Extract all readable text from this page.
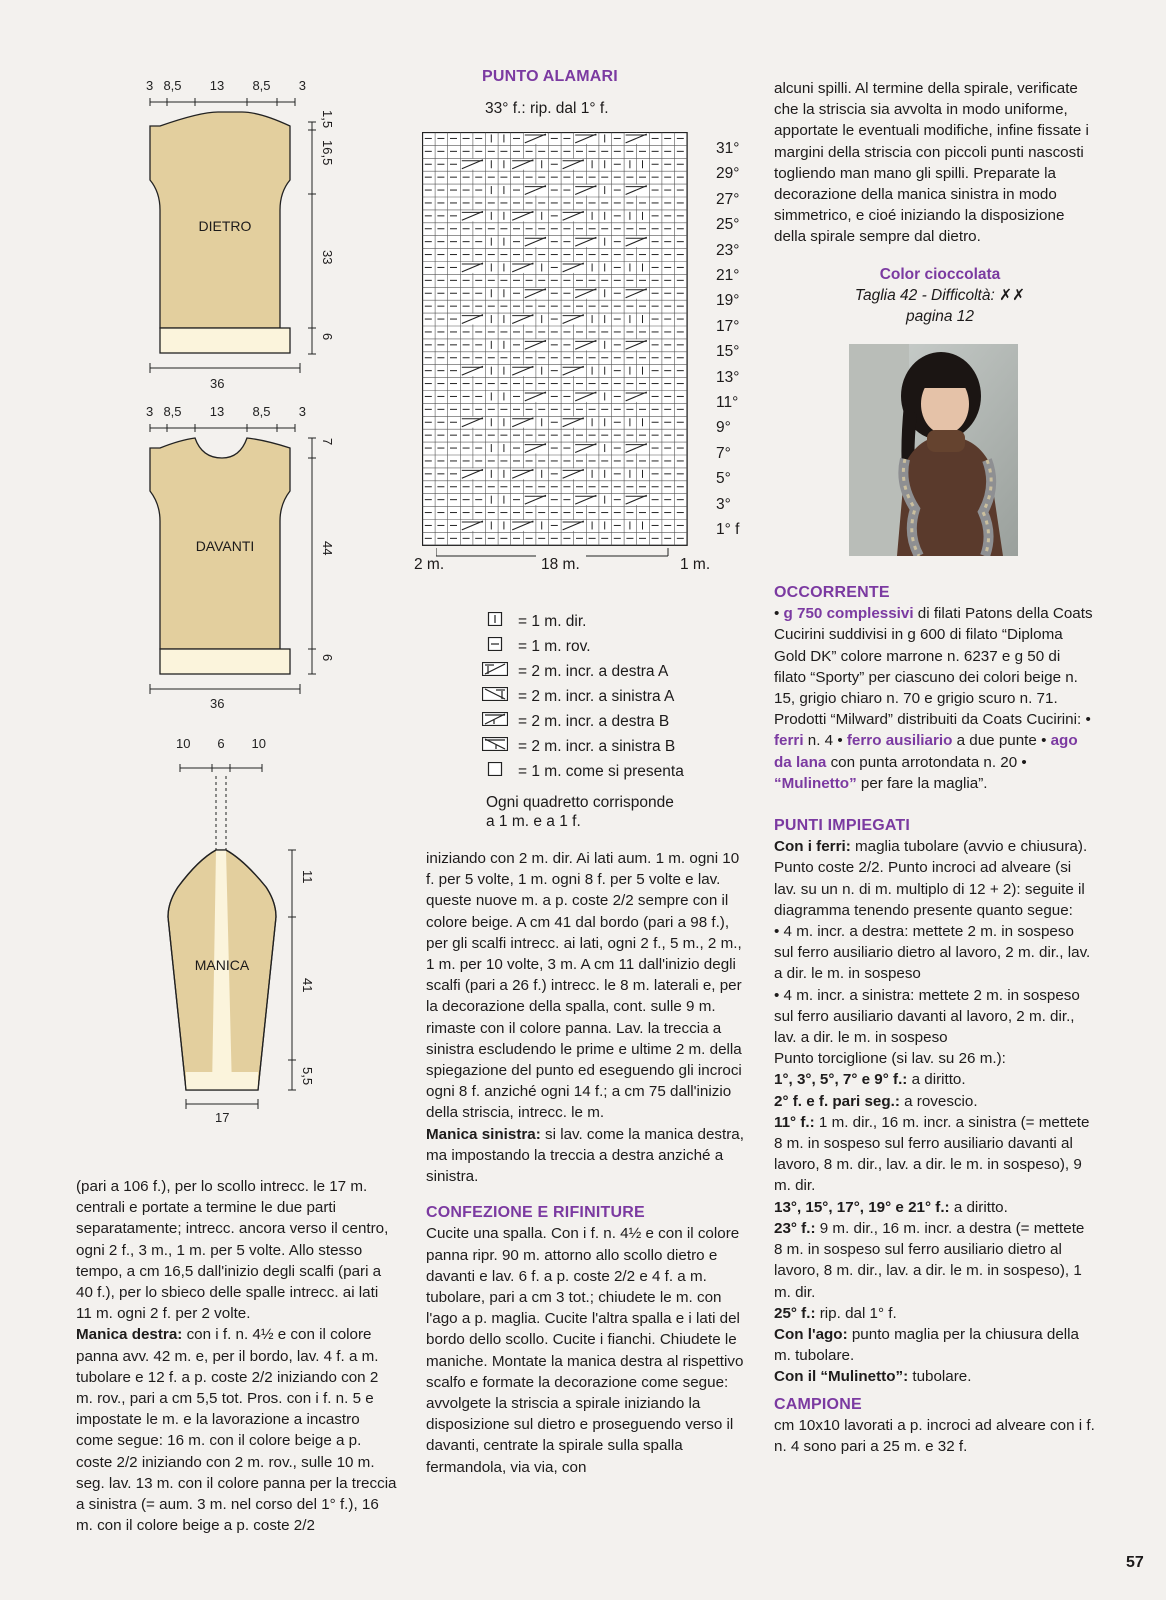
3 8,5 13 8,5 3
DIETRO
1,5
16,5
33
6
36
3 8,5 13 8,5 3
DAVANTI
7
44
6
36
10 6 10
MANICA
11
41
5,5
17
PUNTO ALAMARI
33° f.: rip. dal 1° f.
31°
29°
27°
25°
23°
21°
19°
17°
15°
13°
11°
9°
7°
5°
3°
1° f
2 m.	18 m.	1 m.
= 1 m. dir.
= 1 m. rov.
= 2 m. incr. a destra A
= 2 m. incr. a sinistra A
= 2 m. incr. a destra B
= 2 m. incr. a sinistra B
= 1 m. come si presenta
Ogni quadretto corrisponde
a 1 m. e a 1 f.

(pari a 106 f.), per lo scollo intrecc. le 17 m. centrali e portate a termine le due parti separatamente; intrecc. ancora verso il centro, ogni 2 f., 3 m., 1 m. per 5 volte. Allo stesso tempo, a cm 16,5 dall'inizio degli scalfi (pari a 40 f.), per lo sbieco delle spalle intrecc. ai lati 11 m. ogni 2 f. per 2 volte.

Manica destra: con i f. n. 4½ e con il colore panna avv. 42 m. e, per il bordo, lav. 4 f. a m. tubolare e 12 f. a p. coste 2/2 iniziando con 2 m. rov., pari a cm 5,5 tot. Pros. con i f. n. 5 e impostate le m. e la lavorazione a incastro come segue: 16 m. con il colore beige a p. coste 2/2 iniziando con 2 m. rov., sulle 10 m. seg. lav. 13 m. con il colore panna per la treccia a sinistra (= aum. 3 m. nel corso del 1° f.), 16 m. con il colore beige a p. coste 2/2

iniziando con 2 m. dir. Ai lati aum. 1 m. ogni 10 f. per 5 volte, 1 m. ogni 8 f. per 5 volte e lav. queste nuove m. a p. coste 2/2 sempre con il colore beige. A cm 41 dal bordo (pari a 98 f.), per gli scalfi intrecc. ai lati, ogni 2 f., 5 m., 2 m., 1 m. per 10 volte, 3 m. A cm 11 dall'inizio degli scalfi (pari a 26 f.) intrecc. le 8 m. laterali e, per la decorazione della spalla, cont. sulle 9 m. rimaste con il colore panna. Lav. la treccia a sinistra escludendo le prime e ultime 2 m. della spiegazione del punto ed eseguendo gli incroci ogni 8 f. anziché ogni 14 f.; a cm 75 dall'inizio della striscia, intrecc. le m.

Manica sinistra: si lav. come la manica destra, ma impostando la treccia a destra anziché a sinistra.

CONFEZIONE E RIFINITURE

Cucite una spalla. Con i f. n. 4½ e con il colore panna ripr. 90 m. attorno allo scollo dietro e davanti e lav. 6 f. a p. coste 2/2 e 4 f. a m. tubolare, pari a cm 3 tot.; chiudete le m. con l'ago a p. maglia. Cucite l'altra spalla e i lati del bordo dello scollo. Cucite i fianchi. Chiudete le maniche. Montate la manica destra al rispettivo scalfo e formate la decorazione come segue: avvolgete la striscia a spirale iniziando la disposizione sul dietro e proseguendo verso il davanti, centrate la spirale sulla spalla fermandola, via via, con

alcuni spilli. Al termine della spirale, verificate che la striscia sia avvolta in modo uniforme, apportate le eventuali modifiche, infine fissate i margini della striscia con piccoli punti nascosti togliendo man mano gli spilli. Preparate la decorazione della manica sinistra in modo simmetrico, e cioé iniziando la disposizione della spirale sempre dal dietro.

Color cioccolata
Taglia 42 - Difficoltà: ✗✗
pagina 12
OCCORRENTE

• g 750 complessivi di filati Patons della Coats Cucirini suddivisi in g 600 di filato “Diploma Gold DK” colore marrone n. 6237 e g 50 di filato “Sporty” per ciascuno dei colori beige n. 15, grigio chiaro n. 70 e grigio scuro n. 71.

Prodotti “Milward” distribuiti da Coats Cucirini: • ferri n. 4 • ferro ausiliario a due punte • ago da lana con punta arrotondata n. 20 • “Mulinetto” per fare la maglia”.

PUNTI IMPIEGATI

Con i ferri: maglia tubolare (avvio e chiusura). Punto coste 2/2. Punto incroci ad alveare (si lav. su un n. di m. multiplo di 12 + 2): seguite il diagramma tenendo presente quanto segue:

• 4 m. incr. a destra: mettete 2 m. in sospeso sul ferro ausiliario dietro al lavoro, 2 m. dir., lav. a dir. le m. in sospeso

• 4 m. incr. a sinistra: mettete 2 m. in sospeso sul ferro ausiliario davanti al lavoro, 2 m. dir., lav. a dir. le m. in sospeso

Punto torciglione (si lav. su 26 m.):

1°, 3°, 5°, 7° e 9° f.: a diritto.

2° f. e f. pari seg.: a rovescio.

11° f.: 1 m. dir., 16 m. incr. a sinistra (= mettete 8 m. in sospeso sul ferro ausiliario davanti al lavoro, 8 m. dir., lav. a dir. le m. in sospeso), 9 m. dir.

13°, 15°, 17°, 19° e 21° f.: a diritto.

23° f.: 9 m. dir., 16 m. incr. a destra (= mettete 8 m. in sospeso sul ferro ausiliario dietro al lavoro, 8 m. dir., lav. a dir. le m. in sospeso), 1 m. dir.

25° f.: rip. dal 1° f.

Con l'ago: punto maglia per la chiusura della m. tubolare.

Con il “Mulinetto”: tubolare.

CAMPIONE

cm 10x10 lavorati a p. incroci ad alveare con i f. n. 4 sono pari a 25 m. e 32 f.

57
